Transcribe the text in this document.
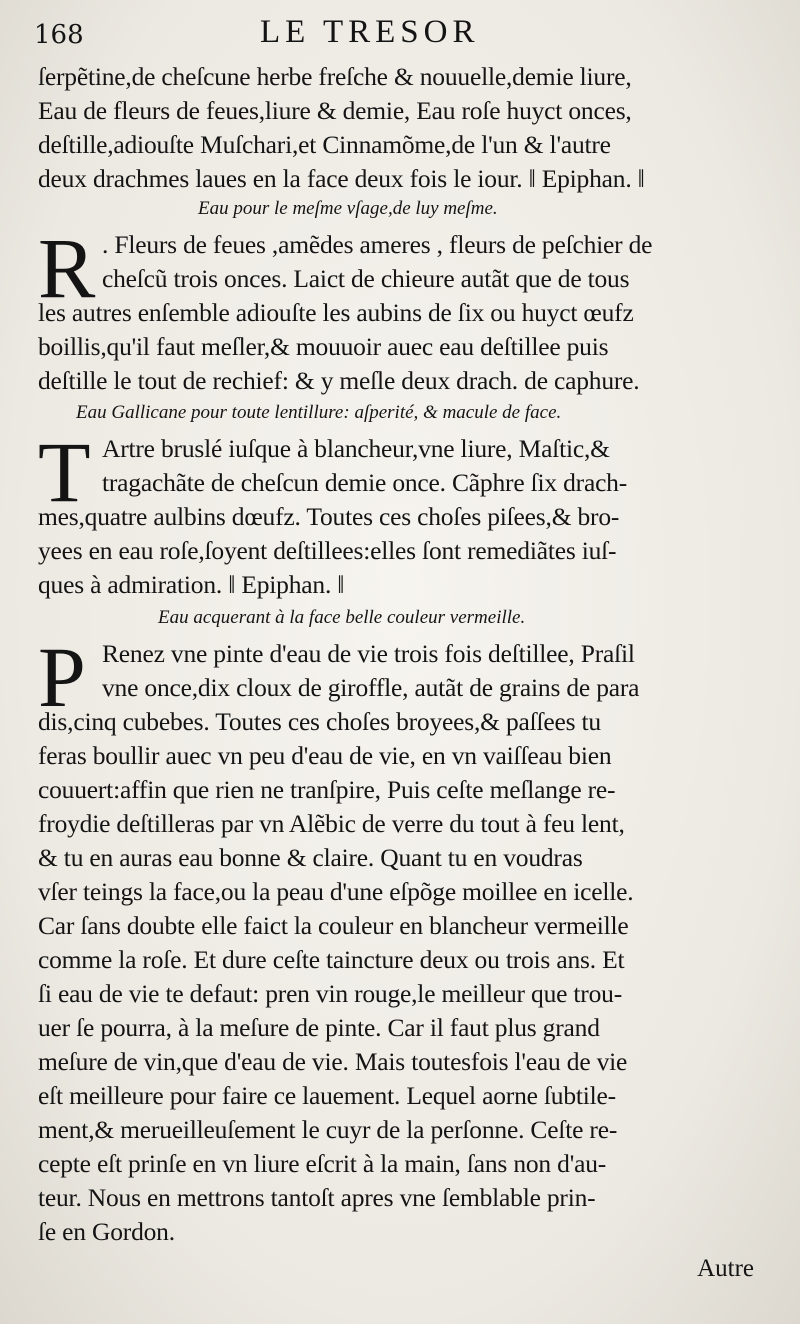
168	LE TRESOR
ſerpẽtine,de cheſcune herbe freſche & nouuelle,demie liure,
Eau de fleurs de feues,liure & demie, Eau roſe huyct onces,
deſtille,adiouſte Muſchari,et Cinnamõme,de l'un & l'autre
deux drachmes laues en la face deux fois le iour. ‖ Epiphan. ‖
Eau pour le meſme vſage,de luy meſme.
R . Fleurs de feues ,amẽdes ameres , fleurs de peſchier de
cheſcũ trois onces. Laict de chieure autãt que de tous
les autres enſemble adiouſte les aubins de ſix ou huyct œufz
boillis,qu'il faut meſler,& mouuoir auec eau deſtillee puis
deſtille le tout de rechief: & y meſle deux drach. de caphure.
Eau Gallicane pour toute lentillure: aſperité, & macule de face.
T Artre bruslé iuſque à blancheur,vne liure, Maſtic,&
tragachãte de cheſcun demie once. Cãphre ſix drach-
mes,quatre aulbins dœufz. Toutes ces choſes piſees,& bro-
yees en eau roſe,ſoyent deſtillees:elles ſont remediãtes iuſ-
ques à admiration. ‖ Epiphan. ‖
Eau acquerant à la face belle couleur vermeille.
P Renez vne pinte d'eau de vie trois fois deſtillee, Praſil
vne once,dix cloux de giroffle, autãt de grains de para
dis,cinq cubebes. Toutes ces choſes broyees,& paſſees tu
feras boullir auec vn peu d'eau de vie, en vn vaiſſeau bien
couuert:affin que rien ne tranſpire, Puis ceſte meſlange re-
froydie deſtilleras par vn Alẽbic de verre du tout à feu lent,
& tu en auras eau bonne & claire. Quant tu en voudras
vſer teings la face,ou la peau d'une eſpõge moillee en icelle.
Car ſans doubte elle faict la couleur en blancheur vermeille
comme la roſe. Et dure ceſte taincture deux ou trois ans. Et
ſi eau de vie te defaut: pren vin rouge,le meilleur que trou-
uer ſe pourra, à la meſure de pinte. Car il faut plus grand
meſure de vin,que d'eau de vie. Mais toutesfois l'eau de vie
eſt meilleure pour faire ce lauement. Lequel aorne ſubtile-
ment,& merueilleuſement le cuyr de la perſonne. Ceſte re-
cepte eſt prinſe en vn liure eſcrit à la main, ſans non d'au-
teur. Nous en mettrons tantoſt apres vne ſemblable prin-
ſe en Gordon.
Autre
